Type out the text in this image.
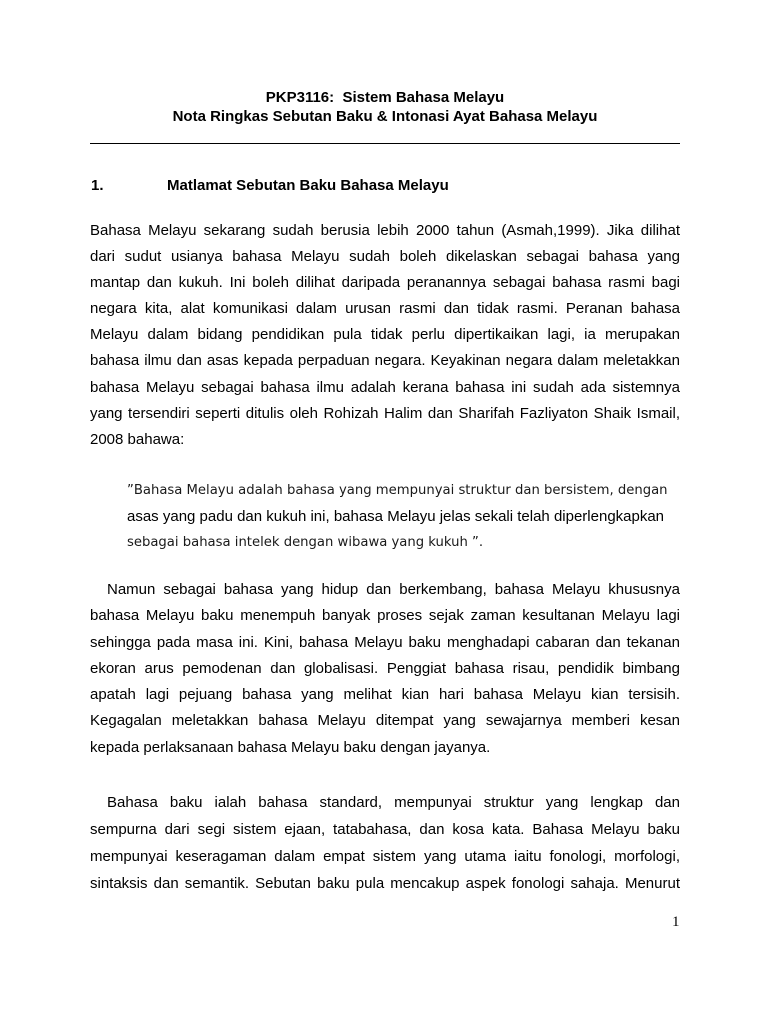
PKP3116:  Sistem Bahasa Melayu
Nota Ringkas Sebutan Baku & Intonasi Ayat Bahasa Melayu
1.	Matlamat Sebutan Baku Bahasa Melayu
Bahasa Melayu sekarang sudah berusia lebih 2000 tahun (Asmah,1999). Jika dilihat
dari sudut usianya bahasa Melayu sudah boleh dikelaskan sebagai bahasa yang
mantap dan kukuh. Ini boleh dilihat daripada peranannya sebagai bahasa rasmi bagi
negara kita, alat komunikasi dalam urusan rasmi dan tidak rasmi. Peranan bahasa
Melayu dalam bidang pendidikan pula tidak perlu dipertikaikan lagi, ia merupakan
bahasa ilmu dan asas kepada perpaduan negara. Keyakinan negara dalam meletakkan
bahasa Melayu sebagai bahasa ilmu adalah kerana bahasa ini sudah ada sistemnya
yang tersendiri seperti ditulis oleh Rohizah Halim dan Sharifah Fazliyaton Shaik Ismail,
2008 bahawa:
”Bahasa Melayu adalah bahasa yang mempunyai struktur dan bersistem, dengan
asas yang padu dan kukuh ini, bahasa Melayu jelas sekali telah diperlengkapkan
sebagai bahasa intelek dengan wibawa yang kukuh ”.
Namun sebagai bahasa yang hidup dan berkembang, bahasa Melayu khususnya
bahasa Melayu baku menempuh banyak proses sejak zaman kesultanan Melayu lagi
sehingga pada masa ini. Kini, bahasa Melayu baku menghadapi cabaran dan tekanan
ekoran arus pemodenan dan globalisasi. Penggiat bahasa risau, pendidik bimbang
apatah lagi pejuang bahasa yang melihat kian hari bahasa Melayu kian tersisih.
Kegagalan meletakkan bahasa Melayu ditempat yang sewajarnya memberi kesan
kepada perlaksanaan bahasa Melayu baku dengan jayanya.
Bahasa baku ialah bahasa standard, mempunyai struktur yang lengkap dan
sempurna dari segi sistem ejaan, tatabahasa, dan kosa kata. Bahasa Melayu baku
mempunyai keseragaman dalam empat sistem yang utama iaitu fonologi, morfologi,
sintaksis dan semantik. Sebutan baku pula mencakup aspek fonologi sahaja. Menurut
1
